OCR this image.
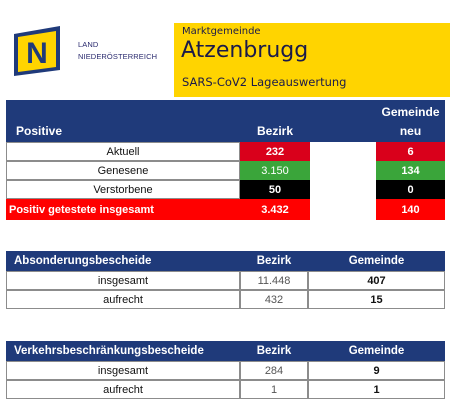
N	LAND
NIEDERÖSTERREICH
Marktgemeinde
Atzenbrugg
SARS-CoV2 Lageauswertung
Positive	Bezirk
Gemeinde
neu
Aktuell	232	6
Genesene	3.150	134
Verstorbene	50	0
Positiv getestete insgesamt	3.432	140
Absonderungsbescheide	Bezirk	Gemeinde
insgesamt	11.448	407
aufrecht	432	15
Verkehrsbeschränkungsbescheide	Bezirk	Gemeinde
insgesamt	284	9
aufrecht	1	1
